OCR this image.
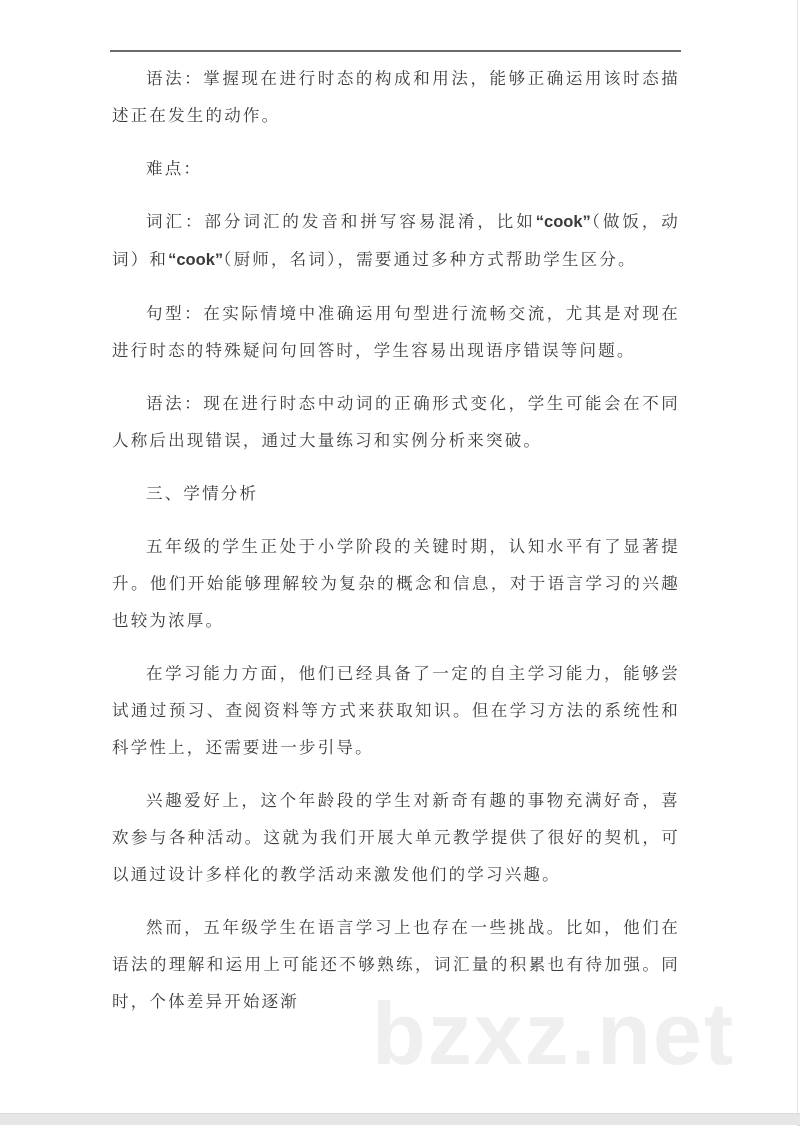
语法：掌握现在进行时态的构成和用法，能够正确运用该时态描述正在发生的动作。

难点：

词汇：部分词汇的发音和拼写容易混淆，比如“cook”（做饭，动词）和“cook”（厨师，名词），需要通过多种方式帮助学生区分。

句型：在实际情境中准确运用句型进行流畅交流，尤其是对现在进行时态的特殊疑问句回答时，学生容易出现语序错误等问题。

语法：现在进行时态中动词的正确形式变化，学生可能会在不同人称后出现错误，通过大量练习和实例分析来突破。

三、学情分析

五年级的学生正处于小学阶段的关键时期，认知水平有了显著提升。他们开始能够理解较为复杂的概念和信息，对于语言学习的兴趣也较为浓厚。

在学习能力方面，他们已经具备了一定的自主学习能力，能够尝试通过预习、查阅资料等方式来获取知识。但在学习方法的系统性和科学性上，还需要进一步引导。

兴趣爱好上，这个年龄段的学生对新奇有趣的事物充满好奇，喜欢参与各种活动。这就为我们开展大单元教学提供了很好的契机，可以通过设计多样化的教学活动来激发他们的学习兴趣。

然而，五年级学生在语言学习上也存在一些挑战。比如，他们在语法的理解和运用上可能还不够熟练，词汇量的积累也有待加强。同时，个体差异开始逐渐 bzxz.net
